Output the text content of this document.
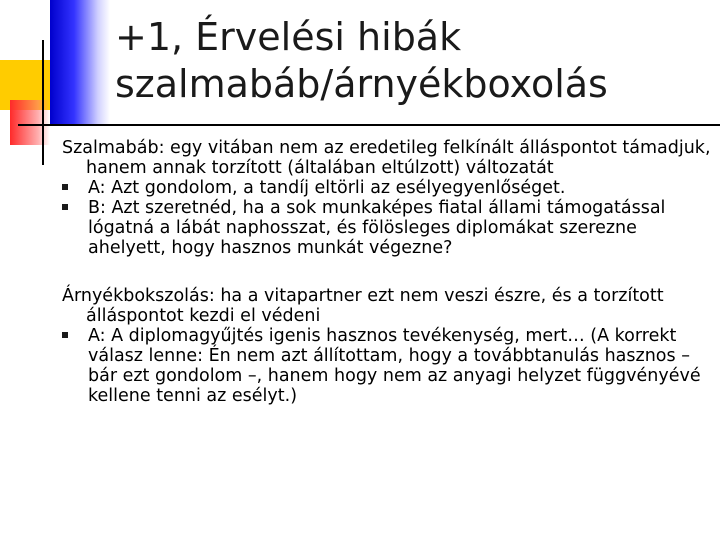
+1, Érvelési hibák
szalmabáb/árnyékboxolás

Szalmabáb: egy vitában nem az eredetileg felkínált álláspontot támadjuk, hanem annak torzított (általában eltúlzott) változatát

A: Azt gondolom, a tandíj eltörli az esélyegyenlőséget.
B: Azt szeretnéd, ha a sok munkaképes fiatal állami támogatással lógatná a lábát naphosszat, és fölösleges diplomákat szerezne ahelyett, hogy hasznos munkát végezne?

Árnyékbokszolás: ha a vitapartner ezt nem veszi észre, és a torzított álláspontot kezdi el védeni

A: A diplomagyűjtés igenis hasznos tevékenység, mert… (A korrekt válasz lenne: Én nem azt állítottam, hogy a továbbtanulás hasznos –bár ezt gondolom –, hanem hogy nem az anyagi helyzet függvényévé kellene tenni az esélyt.)
